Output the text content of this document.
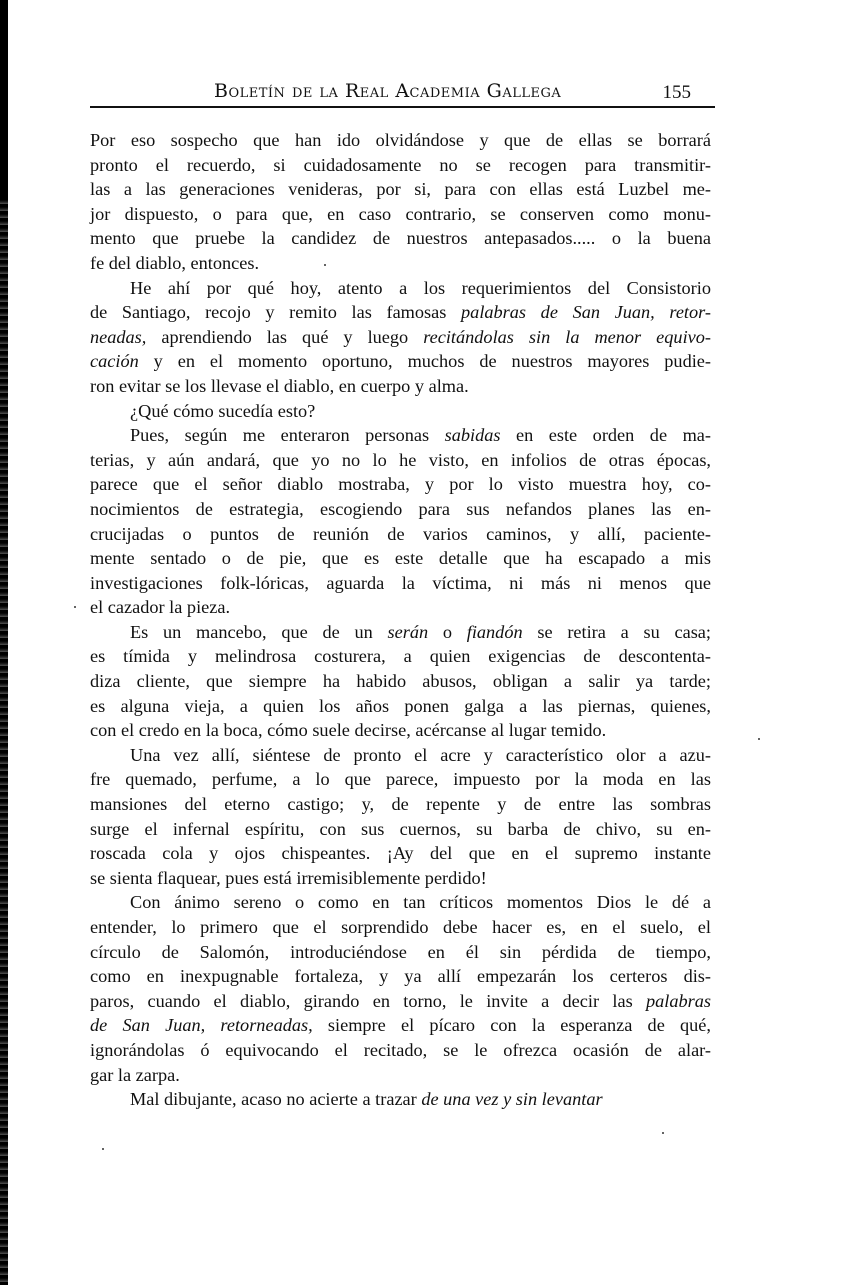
Boletín de la Real Academia Gallega	155
Por eso sospecho que han ido olvidándose y que de ellas se borrará
pronto el recuerdo, si cuidadosamente no se recogen para transmitir-
las a las generaciones venideras, por si, para con ellas está Luzbel me-
jor dispuesto, o para que, en caso contrario, se conserven como monu-
mento que pruebe la candidez de nuestros antepasados..... o la buena
fe del diablo, entonces.
He ahí por qué hoy, atento a los requerimientos del Consistorio
de Santiago, recojo y remito las famosas palabras de San Juan, retor-
neadas, aprendiendo las qué y luego recitándolas sin la menor equivo-
cación y en el momento oportuno, muchos de nuestros mayores pudie-
ron evitar se los llevase el diablo, en cuerpo y alma.
¿Qué cómo sucedía esto?
Pues, según me enteraron personas sabidas en este orden de ma-
terias, y aún andará, que yo no lo he visto, en infolios de otras épocas,
parece que el señor diablo mostraba, y por lo visto muestra hoy, co-
nocimientos de estrategia, escogiendo para sus nefandos planes las en-
crucijadas o puntos de reunión de varios caminos, y allí, paciente-
mente sentado o de pie, que es este detalle que ha escapado a mis
investigaciones folk-lóricas, aguarda la víctima, ni más ni menos que
el cazador la pieza.
Es un mancebo, que de un serán o fiandón se retira a su casa;
es tímida y melindrosa costurera, a quien exigencias de descontenta-
diza cliente, que siempre ha habido abusos, obligan a salir ya tarde;
es alguna vieja, a quien los años ponen galga a las piernas, quienes,
con el credo en la boca, cómo suele decirse, acércanse al lugar temido.
Una vez allí, siéntese de pronto el acre y característico olor a azu-
fre quemado, perfume, a lo que parece, impuesto por la moda en las
mansiones del eterno castigo; y, de repente y de entre las sombras
surge el infernal espíritu, con sus cuernos, su barba de chivo, su en-
roscada cola y ojos chispeantes. ¡Ay del que en el supremo instante
se sienta flaquear, pues está irremisiblemente perdido!
Con ánimo sereno o como en tan críticos momentos Dios le dé a
entender, lo primero que el sorprendido debe hacer es, en el suelo, el
círculo de Salomón, introduciéndose en él sin pérdida de tiempo,
como en inexpugnable fortaleza, y ya allí empezarán los certeros dis-
paros, cuando el diablo, girando en torno, le invite a decir las palabras
de San Juan, retorneadas, siempre el pícaro con la esperanza de qué,
ignorándolas ó equivocando el recitado, se le ofrezca ocasión de alar-
gar la zarpa.
Mal dibujante, acaso no acierte a trazar de una vez y sin levantar
